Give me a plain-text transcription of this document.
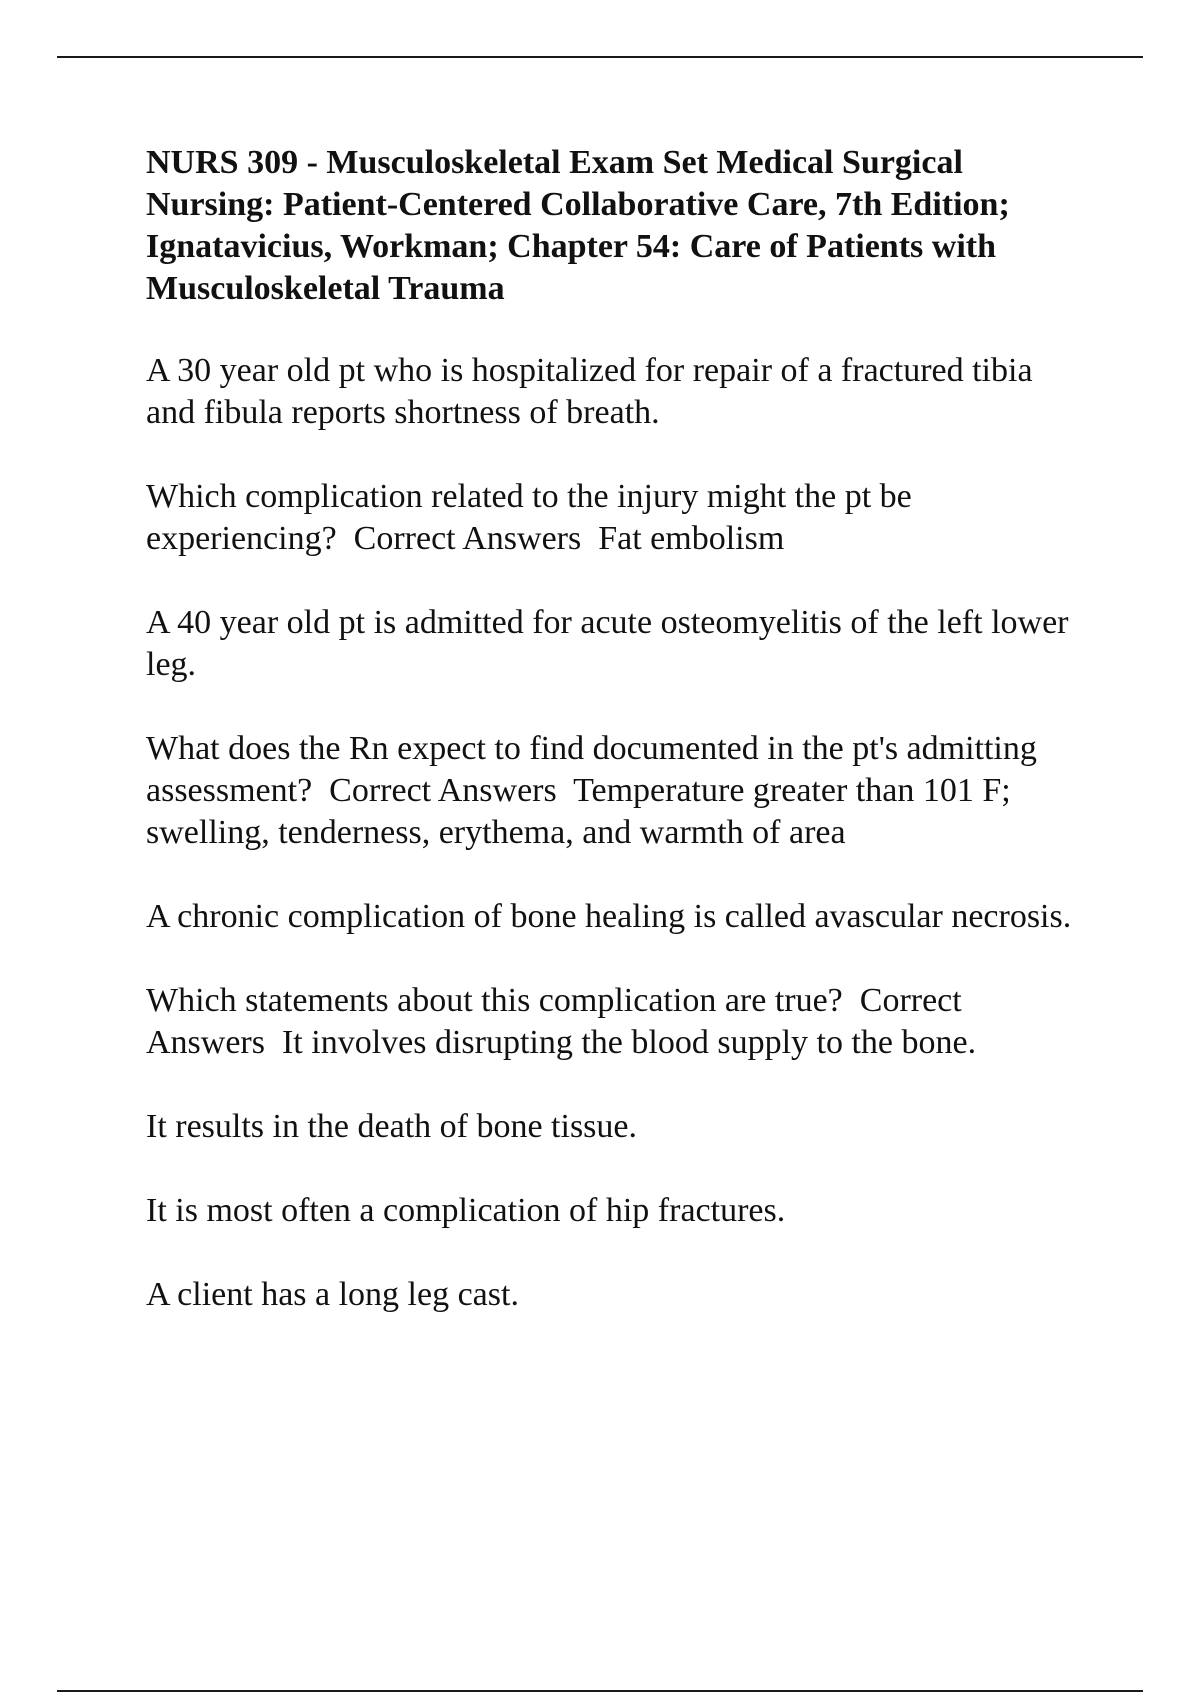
NURS 309 - Musculoskeletal Exam Set Medical Surgical Nursing: Patient-Centered Collaborative Care, 7th Edition; Ignatavicius, Workman; Chapter 54: Care of Patients with Musculoskeletal Trauma

A 30 year old pt who is hospitalized for repair of a fractured tibia and fibula reports shortness of breath.

Which complication related to the injury might the pt be experiencing?  Correct Answers  Fat embolism

A 40 year old pt is admitted for acute osteomyelitis of the left lower leg.

What does the Rn expect to find documented in the pt's admitting assessment?  Correct Answers  Temperature greater than 101 F; swelling, tenderness, erythema, and warmth of area

A chronic complication of bone healing is called avascular necrosis.

Which statements about this complication are true?  Correct Answers  It involves disrupting the blood supply to the bone.

It results in the death of bone tissue.

It is most often a complication of hip fractures.

A client has a long leg cast.
